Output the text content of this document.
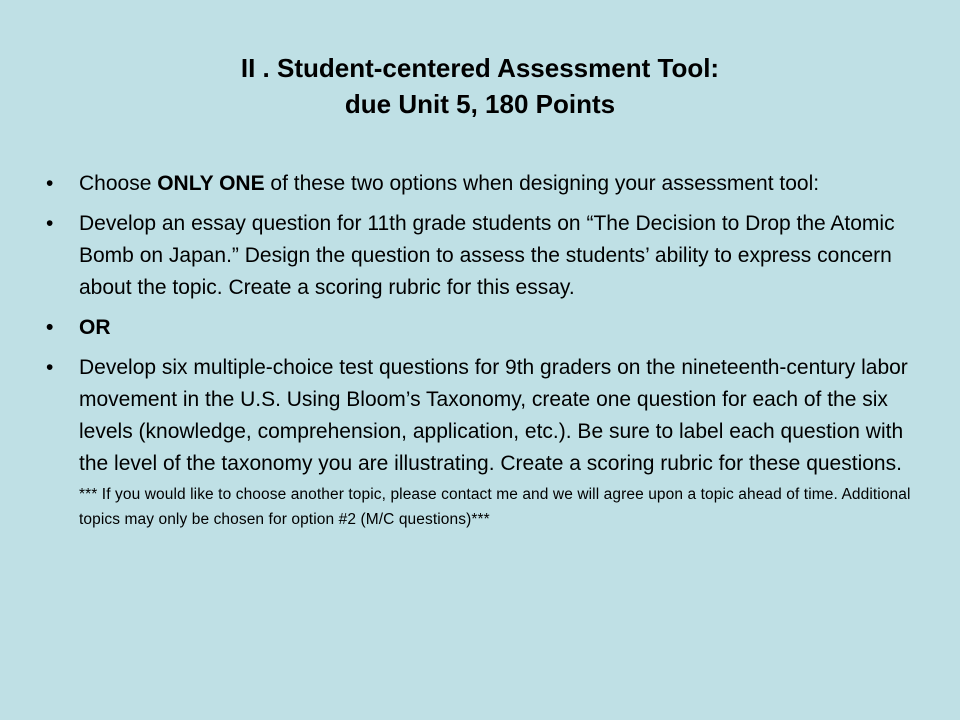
II . Student-centered Assessment Tool:
due Unit 5, 180 Points
• Choose ONLY ONE of these two options when designing your assessment tool:
• Develop an essay question for 11th grade students on “The Decision to Drop the Atomic Bomb on Japan.” Design the question to assess the students’ ability to express concern about the topic. Create a scoring rubric for this essay.
• OR
• Develop six multiple-choice test questions for 9th graders on the nineteenth-century labor movement in the U.S. Using Bloom’s Taxonomy, create one question for each of the six levels (knowledge, comprehension, application, etc.). Be sure to label each question with the level of the taxonomy you are illustrating. Create a scoring rubric for these questions.
*** If you would like to choose another topic, please contact me and we will agree upon a topic ahead of time. Additional topics may only be chosen for option #2 (M/C questions)***
